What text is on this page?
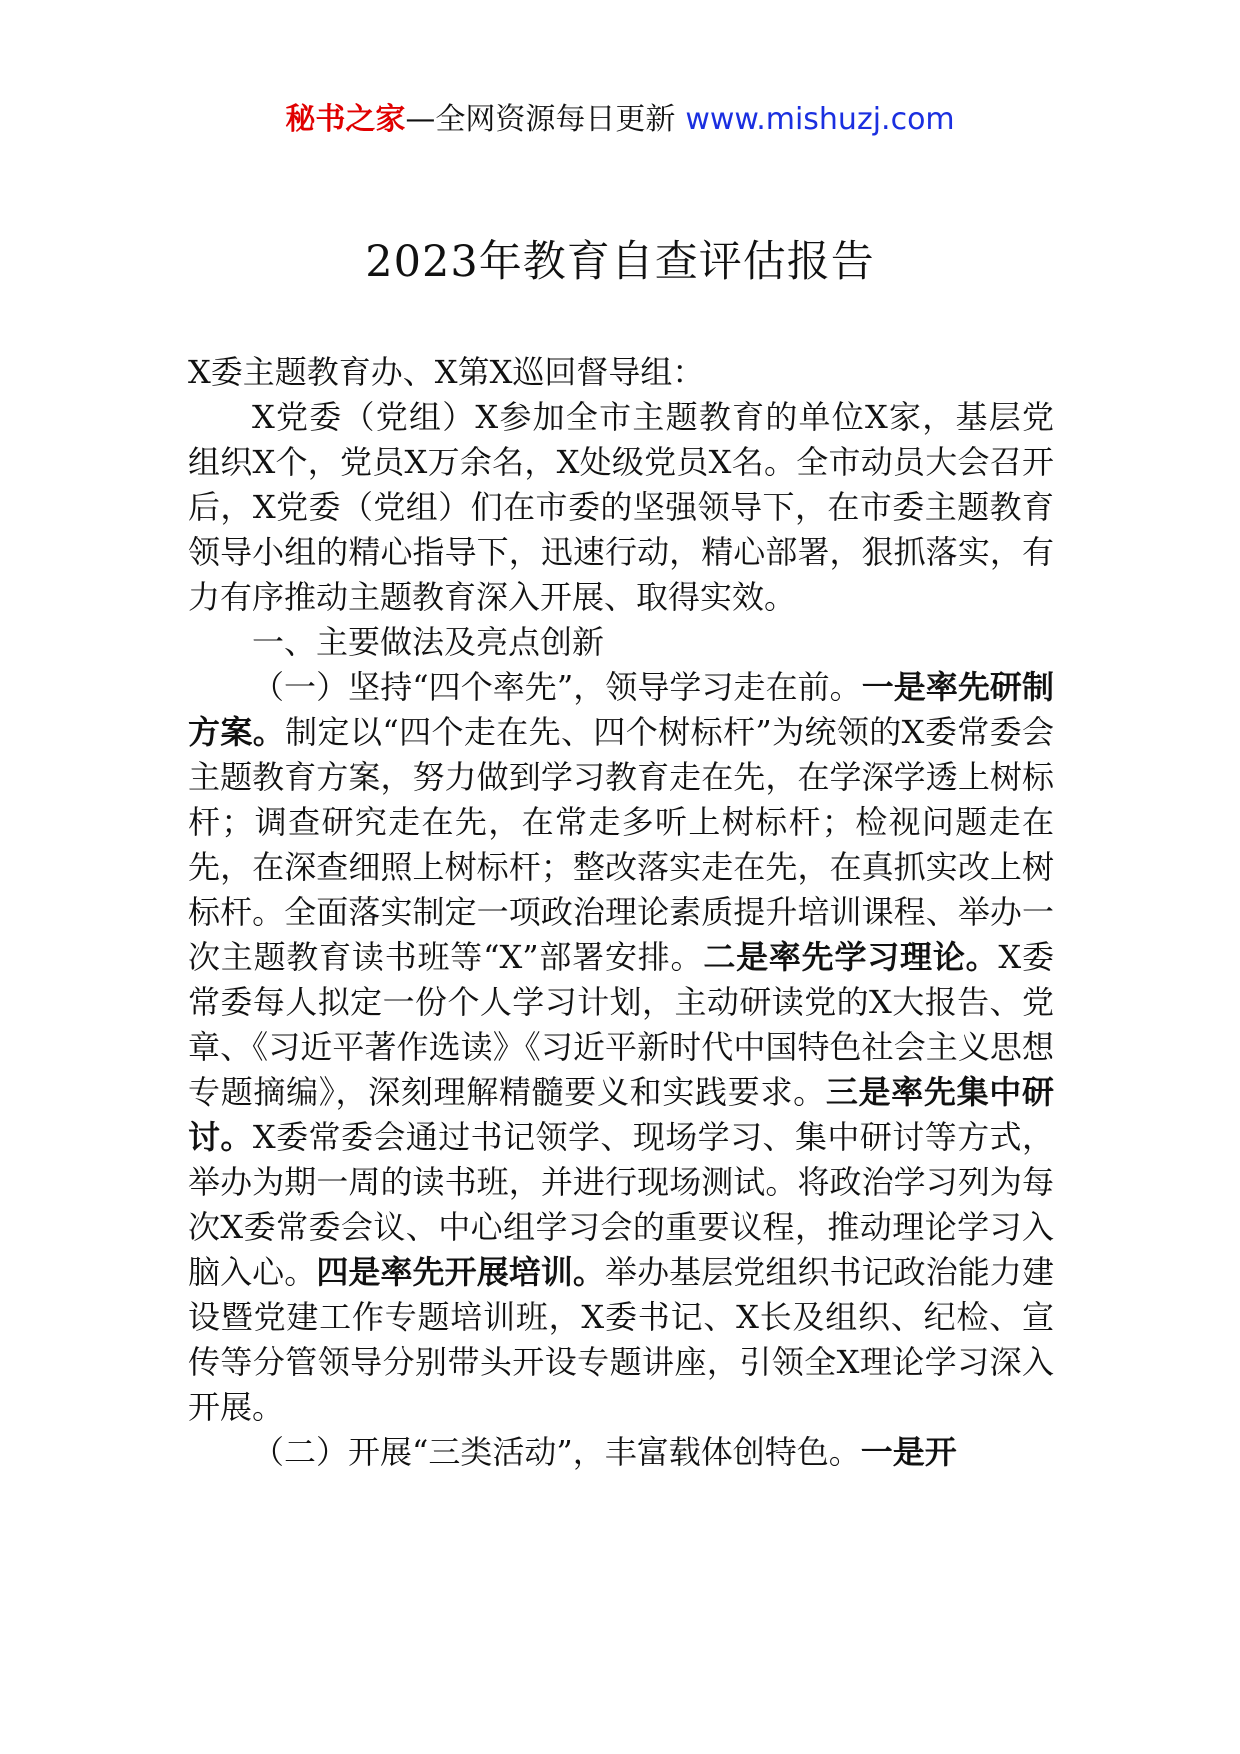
秘书之家—全网资源每日更新 www.mishuzj.com
2023年教育自查评估报告

X委主题教育办、X第X巡回督导组：

X党委（党组）X参加全市主题教育的单位X家，基层党组织X个，党员X万余名，X处级党员X名。全市动员大会召开后，X党委（党组）们在市委的坚强领导下，在市委主题教育领导小组的精心指导下，迅速行动，精心部署，狠抓落实，有力有序推动主题教育深入开展、取得实效。

一、主要做法及亮点创新

（一）坚持“四个率先”，领导学习走在前。一是率先研制方案。制定以“四个走在先、四个树标杆”为统领的X委常委会主题教育方案，努力做到学习教育走在先，在学深学透上树标杆；调查研究走在先，在常走多听上树标杆；检视问题走在先，在深查细照上树标杆；整改落实走在先，在真抓实改上树标杆。全面落实制定一项政治理论素质提升培训课程、举办一次主题教育读书班等“X”部署安排。二是率先学习理论。X委常委每人拟定一份个人学习计划，主动研读党的X大报告、党章、《习近平著作选读》《习近平新时代中国特色社会主义思想专题摘编》，深刻理解精髓要义和实践要求。三是率先集中研讨。X委常委会通过书记领学、现场学习、集中研讨等方式，举办为期一周的读书班，并进行现场测试。将政治学习列为每次X委常委会议、中心组学习会的重要议程，推动理论学习入脑入心。四是率先开展培训。举办基层党组织书记政治能力建设暨党建工作专题培训班，X委书记、X长及组织、纪检、宣传等分管领导分别带头开设专题讲座，引领全X理论学习深入开展。

（二）开展“三类活动”，丰富载体创特色。一是开
